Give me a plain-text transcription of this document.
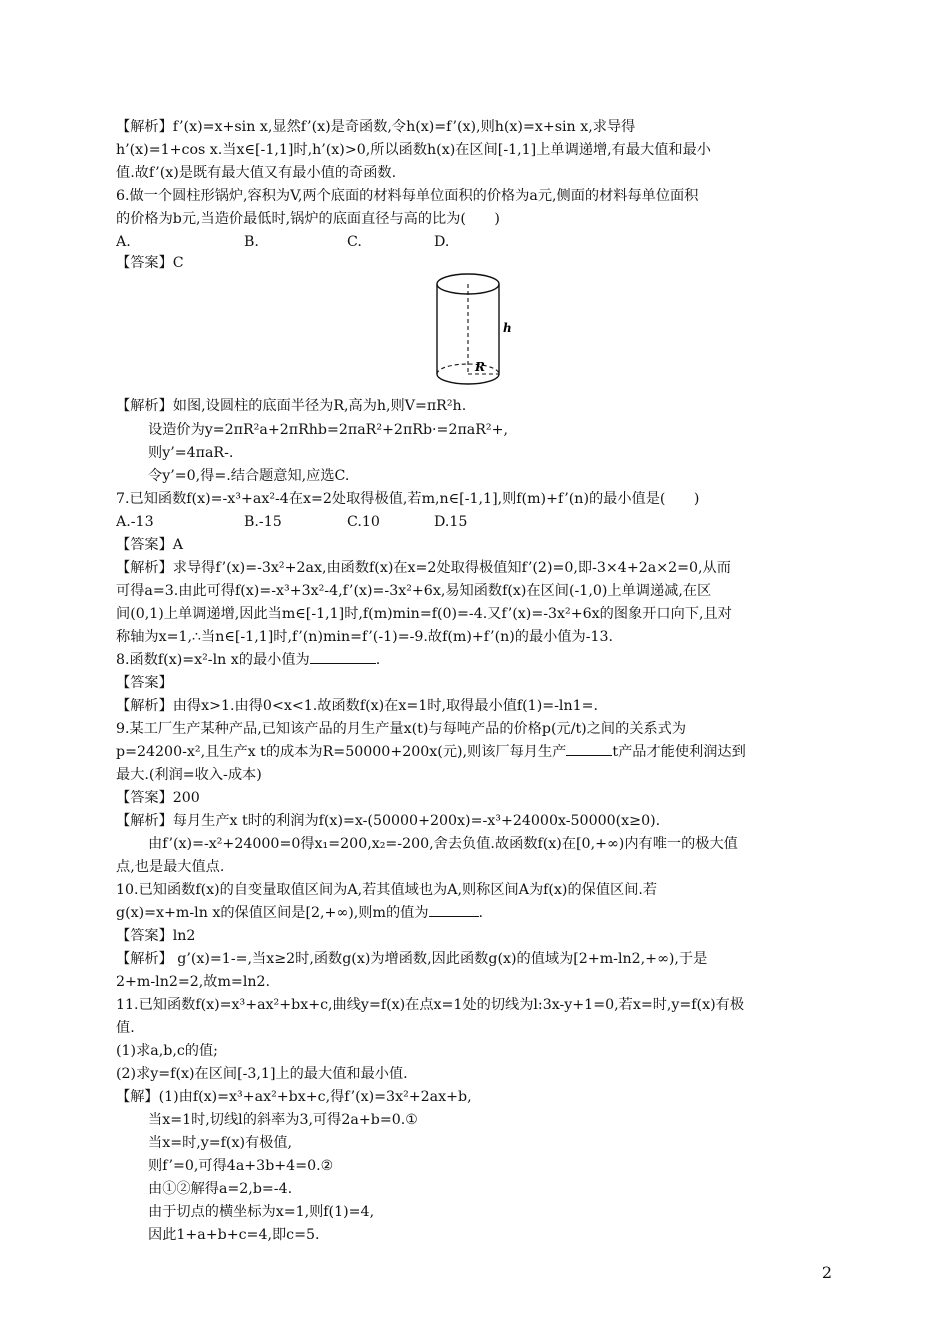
【解析】f’(x)=x+sin x,显然f’(x)是奇函数,令h(x)=f’(x),则h(x)=x+sin x,求导得
h’(x)=1+cos x.当x∈[-1,1]时,h’(x)>0,所以函数h(x)在区间[-1,1]上单调递增,有最大值和最小
值.故f’(x)是既有最大值又有最小值的奇函数.
6.做一个圆柱形锅炉,容积为V,两个底面的材料每单位面积的价格为a元,侧面的材料每单位面积
的价格为b元,当造价最低时,锅炉的底面直径与高的比为(　　)
A.	B.	C.	D.
【答案】C
h
R
【解析】如图,设圆柱的底面半径为R,高为h,则V=πR²h.
设造价为y=2πR²a+2πRhb=2πaR²+2πRb·=2πaR²+,
则y’=4πaR-.
令y’=0,得=.结合题意知,应选C.
7.已知函数f(x)=-x³+ax²-4在x=2处取得极值,若m,n∈[-1,1],则f(m)+f’(n)的最小值是(　　)
A.-13	B.-15	C.10	D.15
【答案】A
【解析】求导得f’(x)=-3x²+2ax,由函数f(x)在x=2处取得极值知f’(2)=0,即-3×4+2a×2=0,从而
可得a=3.由此可得f(x)=-x³+3x²-4,f’(x)=-3x²+6x,易知函数f(x)在区间(-1,0)上单调递减,在区
间(0,1)上单调递增,因此当m∈[-1,1]时,f(m)min=f(0)=-4.又f’(x)=-3x²+6x的图象开口向下,且对
称轴为x=1,∴当n∈[-1,1]时,f’(n)min=f’(-1)=-9.故f(m)+f’(n)的最小值为-13.
8.函数f(x)=x²-ln x的最小值为	.
【答案】
【解析】由得x>1.由得0<x<1.故函数f(x)在x=1时,取得最小值f(1)=-ln1=.
9.某工厂生产某种产品,已知该产品的月生产量x(t)与每吨产品的价格p(元/t)之间的关系式为
p=24200-x²,且生产x t的成本为R=50000+200x(元),则该厂每月生产	t产品才能使利润达到
最大.(利润=收入-成本)
【答案】200
【解析】每月生产x t时的利润为f(x)=x-(50000+200x)=-x³+24000x-50000(x≥0).
由f’(x)=-x²+24000=0得x₁=200,x₂=-200,舍去负值.故函数f(x)在[0,+∞)内有唯一的极大值
点,也是最大值点.
10.已知函数f(x)的自变量取值区间为A,若其值域也为A,则称区间A为f(x)的保值区间.若
g(x)=x+m-ln x的保值区间是[2,+∞),则m的值为	.
【答案】ln2
【解析】 g’(x)=1-=,当x≥2时,函数g(x)为增函数,因此函数g(x)的值域为[2+m-ln2,+∞),于是
2+m-ln2=2,故m=ln2.
11.已知函数f(x)=x³+ax²+bx+c,曲线y=f(x)在点x=1处的切线为l:3x-y+1=0,若x=时,y=f(x)有极
值.
(1)求a,b,c的值;
(2)求y=f(x)在区间[-3,1]上的最大值和最小值.
【解】(1)由f(x)=x³+ax²+bx+c,得f’(x)=3x²+2ax+b,
当x=1时,切线l的斜率为3,可得2a+b=0.①
当x=时,y=f(x)有极值,
则f’=0,可得4a+3b+4=0.②
由①②解得a=2,b=-4.
由于切点的横坐标为x=1,则f(1)=4,
因此1+a+b+c=4,即c=5.
2
